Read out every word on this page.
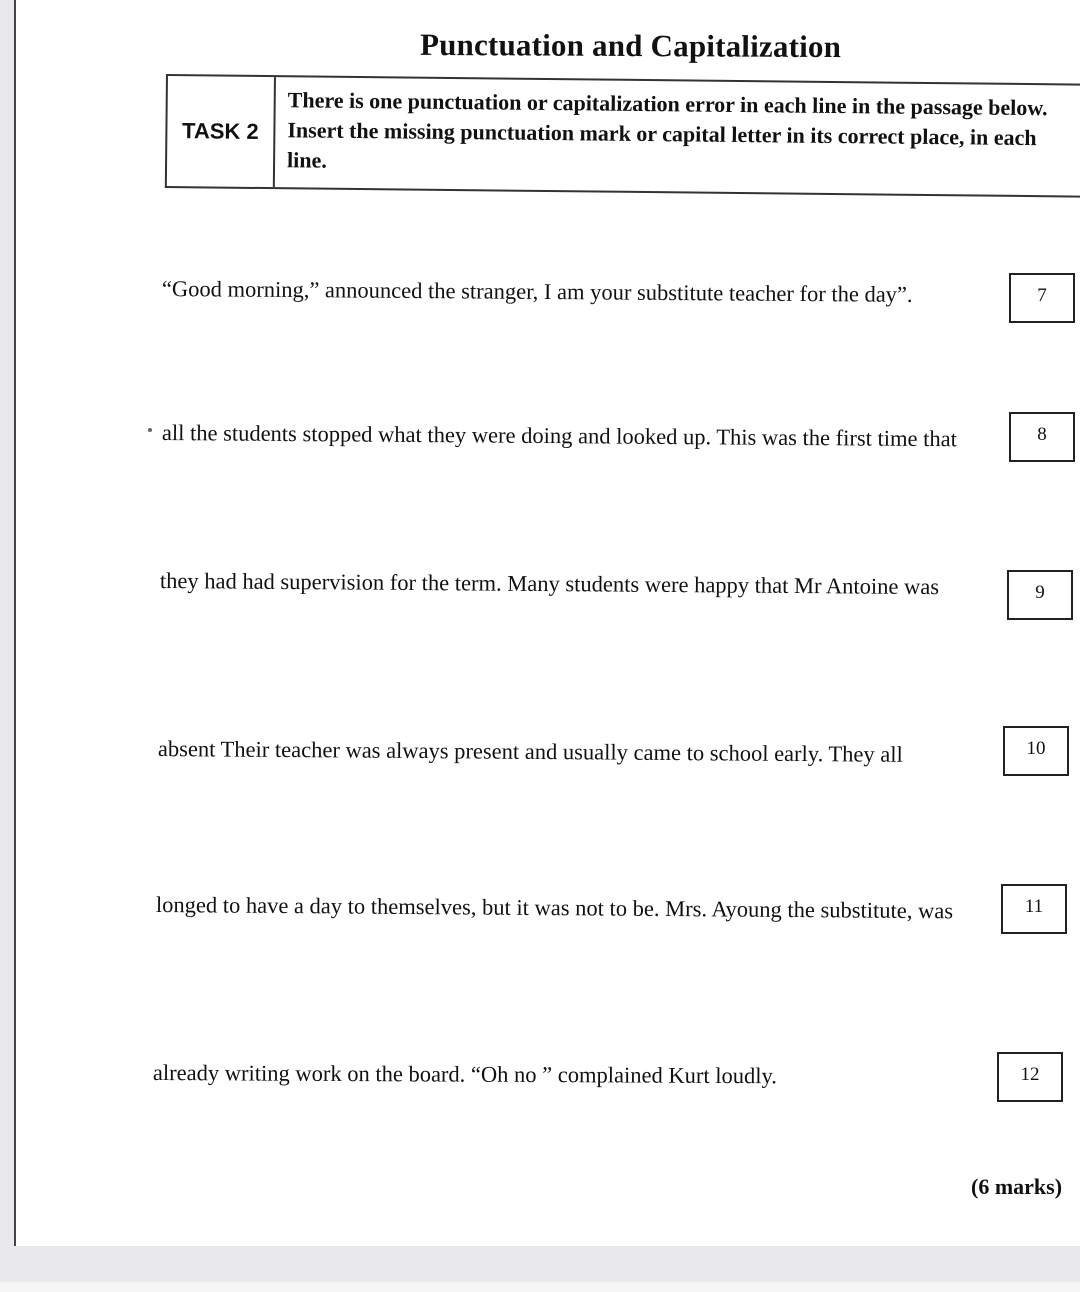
Punctuation and Capitalization
TASK 2
There is one punctuation or capitalization error in each line in the passage below. Insert the missing punctuation mark or capital letter in its correct place, in each line.
“Good morning,” announced the stranger, I am your substitute teacher for the day”.	7
all the students stopped what they were doing and looked up. This was the first time that	8
they had had supervision for the term. Many students were happy that Mr Antoine was	9
absent Their teacher was always present and usually came to school early. They all	10
longed to have a day to themselves, but it was not to be. Mrs. Ayoung the substitute, was	11
already writing work on the board. “Oh no ” complained Kurt loudly.	12
(6 marks)
